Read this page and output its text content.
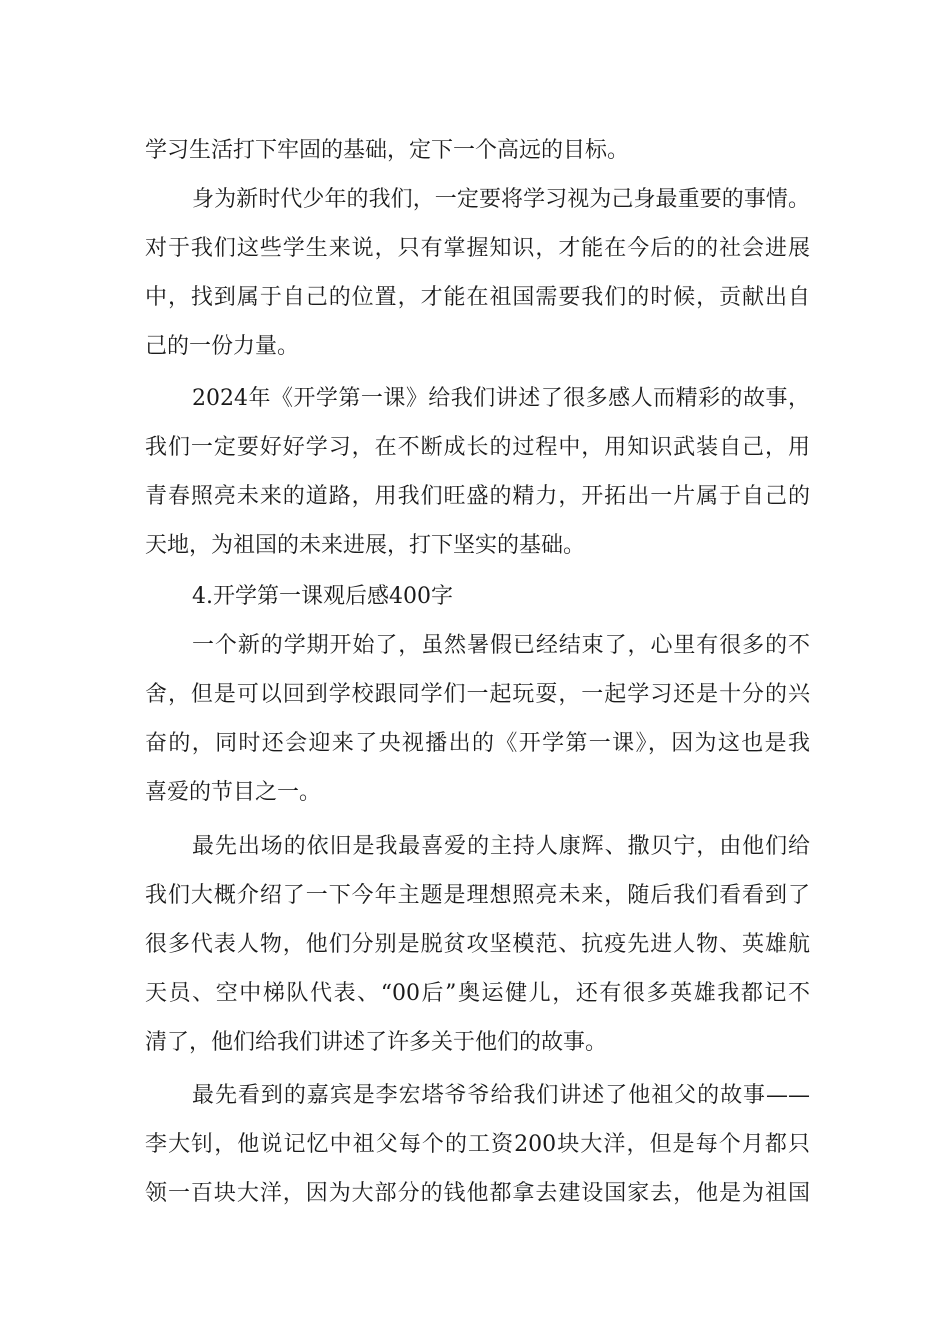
学习生活打下牢固的基础，定下一个高远的目标。
身为新时代少年的我们，一定要将学习视为己身最重要的事情。
对于我们这些学生来说，只有掌握知识，才能在今后的的社会进展
中，找到属于自己的位置，才能在祖国需要我们的时候，贡献出自
己的一份力量。
2024年《开学第一课》给我们讲述了很多感人而精彩的故事，
我们一定要好好学习，在不断成长的过程中，用知识武装自己，用
青春照亮未来的道路，用我们旺盛的精力，开拓出一片属于自己的
天地，为祖国的未来进展，打下坚实的基础。
4.开学第一课观后感400字
一个新的学期开始了，虽然暑假已经结束了，心里有很多的不
舍，但是可以回到学校跟同学们一起玩耍，一起学习还是十分的兴
奋的，同时还会迎来了央视播出的《开学第一课》，因为这也是我
喜爱的节目之一。
最先出场的依旧是我最喜爱的主持人康辉、撒贝宁，由他们给
我们大概介绍了一下今年主题是理想照亮未来，随后我们看看到了
很多代表人物，他们分别是脱贫攻坚模范、抗疫先进人物、英雄航
天员、空中梯队代表、“00后”奥运健儿，还有很多英雄我都记不
清了，他们给我们讲述了许多关于他们的故事。
最先看到的嘉宾是李宏塔爷爷给我们讲述了他祖父的故事——
李大钊，他说记忆中祖父每个的工资200块大洋，但是每个月都只
领一百块大洋，因为大部分的钱他都拿去建设国家去，他是为祖国
